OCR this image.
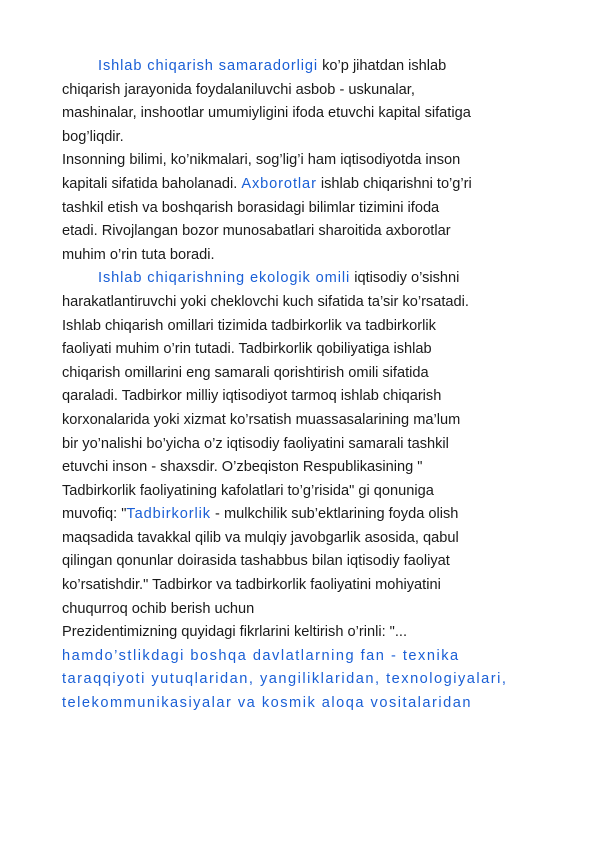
Ishlab chiqarish samaradorligi ko’p jihatdan ishlab
chiqarish jarayonida foydalaniluvchi asbob - uskunalar,
mashinalar, inshootlar umumiyligini ifoda etuvchi kapital sifatiga
bog’liqdir.
Insonning bilimi, ko’nikmalari, sog’lig’i ham iqtisodiyotda inson
kapitali sifatida baholanadi. Axborotlar ishlab chiqarishni to’g’ri
tashkil etish va boshqarish borasidagi bilimlar tizimini ifoda
etadi. Rivojlangan bozor munosabatlari sharoitida axborotlar
muhim o’rin tuta boradi.
Ishlab chiqarishning ekologik omili iqtisodiy o’sishni
harakatlantiruvchi yoki cheklovchi kuch sifatida ta’sir ko’rsatadi.
Ishlab chiqarish omillari tizimida tadbirkorlik va tadbirkorlik
faoliyati muhim o’rin tutadi. Tadbirkorlik qobiliyatiga ishlab
chiqarish omillarini eng samarali qorishtirish omili sifatida
qaraladi. Tadbirkor milliy iqtisodiyot tarmoq ishlab chiqarish
korxonalarida yoki xizmat ko’rsatish muassasalarining ma’lum
bir yo’nalishi bo’yicha o’z iqtisodiy faoliyatini samarali tashkil
etuvchi inson - shaxsdir. O’zbeqiston Respublikasining "
Tadbirkorlik faoliyatining kafolatlari to’g’risida" gi qonuniga
muvofiq: "Tadbirkorlik - mulkchilik sub’ektlarining foyda olish
maqsadida tavakkal qilib va mulqiy javobgarlik asosida, qabul
qilingan qonunlar doirasida tashabbus bilan iqtisodiy faoliyat
ko’rsatishdir." Tadbirkor va tadbirkorlik faoliyatini mohiyatini
chuqurroq ochib berish uchun
Prezidentimizning quyidagi fikrlarini keltirish o’rinli: "...
hamdo’stlikdagi boshqa davlatlarning fan - texnika
taraqqiyoti yutuqlaridan, yangiliklaridan, texnologiyalari,
telekommunikasiyalar va kosmik aloqa vositalaridan
